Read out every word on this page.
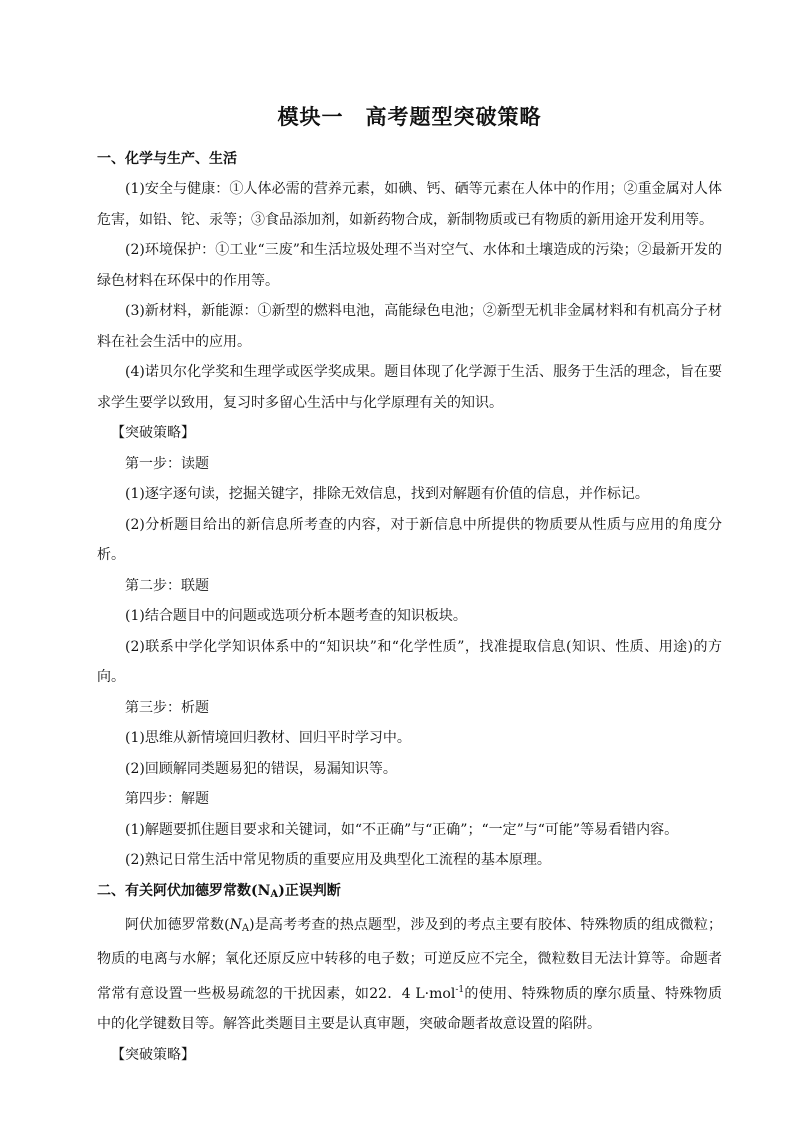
模块一　高考题型突破策略

一、化学与生产、生活

(1)安全与健康：①人体必需的营养元素，如碘、钙、硒等元素在人体中的作用；②重金属对人体危害，如铅、铊、汞等；③食品添加剂，如新药物合成，新制物质或已有物质的新用途开发利用等。

(2)环境保护：①工业“三废”和生活垃圾处理不当对空气、水体和土壤造成的污染；②最新开发的绿色材料在环保中的作用等。

(3)新材料，新能源：①新型的燃料电池，高能绿色电池；②新型无机非金属材料和有机高分子材料在社会生活中的应用。

(4)诺贝尔化学奖和生理学或医学奖成果。题目体现了化学源于生活、服务于生活的理念，旨在要求学生要学以致用，复习时多留心生活中与化学原理有关的知识。

【突破策略】

第一步：读题

(1)逐字逐句读，挖掘关键字，排除无效信息，找到对解题有价值的信息，并作标记。

(2)分析题目给出的新信息所考查的内容，对于新信息中所提供的物质要从性质与应用的角度分析。

第二步：联题

(1)结合题目中的问题或选项分析本题考查的知识板块。

(2)联系中学化学知识体系中的“知识块”和“化学性质”，找准提取信息(知识、性质、用途)的方向。

第三步：析题

(1)思维从新情境回归教材、回归平时学习中。

(2)回顾解同类题易犯的错误，易漏知识等。

第四步：解题

(1)解题要抓住题目要求和关键词，如“不正确”与“正确”；“一定”与“可能”等易看错内容。

(2)熟记日常生活中常见物质的重要应用及典型化工流程的基本原理。

二、有关阿伏加德罗常数$(N_A)$正误判断

阿伏加德罗常数$(N_A)$是高考考查的热点题型，涉及到的考点主要有胶体、特殊物质的组成微粒；物质的电离与水解；氧化还原反应中转移的电子数；可逆反应不完全，微粒数目无法计算等。命题者常常有意设置一些极易疏忽的干扰因素，如22．4 L·mol$^{-1}$的使用、特殊物质的摩尔质量、特殊物质中的化学键数目等。解答此类题目主要是认真审题，突破命题者故意设置的陷阱。

【突破策略】
